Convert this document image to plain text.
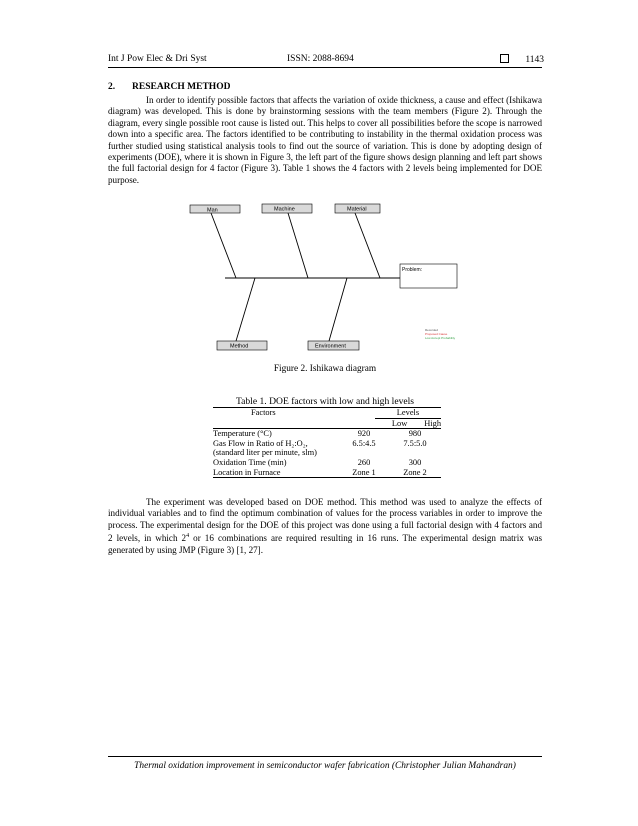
Int J Pow Elec & Dri Syst	ISSN: 2088-8694	1143
2. RESEARCH METHOD
In order to identify possible factors that affects the variation of oxide thickness, a cause and effect (Ishikawa diagram) was developed. This is done by brainstorming sessions with the team members (Figure 2). Through the diagram, every single possible root cause is listed out. This helps to cover all possibilities before the scope is narrowed down into a specific area. The factors identified to be contributing to instability in the thermal oxidation process was further studied using statistical analysis tools to find out the source of variation. This is done by adopting design of experiments (DOE), where it is shown in Figure 3, the left part of the figure shows design planning and left part shows the full factorial design for 4 factor (Figure 3). Table 1 shows the 4 factors with 2 levels being implemented for DOE purpose.
Man	Machine	Material
Method	Environment
Problem:
Recorded
Proposed Cause
Low Accept Probability
Figure 2. Ishikawa diagram
Table 1. DOE factors with low and high levels
Factors	Levels	
	Low	High
Temperature (°C)	920	980
Gas Flow in Ratio of H₂:O₂,	6.5:4.5	7.5:5.0
(standard liter per minute, slm)		
Oxidation Time (min)	260	300
Location in Furnace	Zone 1	Zone 2
The experiment was developed based on DOE method. This method was used to analyze the effects of individual variables and to find the optimum combination of values for the process variables in order to improve the process. The experimental design for the DOE of this project was done using a full factorial design with 4 factors and 2 levels, in which $2^4$ or 16 combinations are required resulting in 16 runs. The experimental design matrix was generated by using JMP (Figure 3) [1, 27].
Thermal oxidation improvement in semiconductor wafer fabrication (Christopher Julian Mahandran)
